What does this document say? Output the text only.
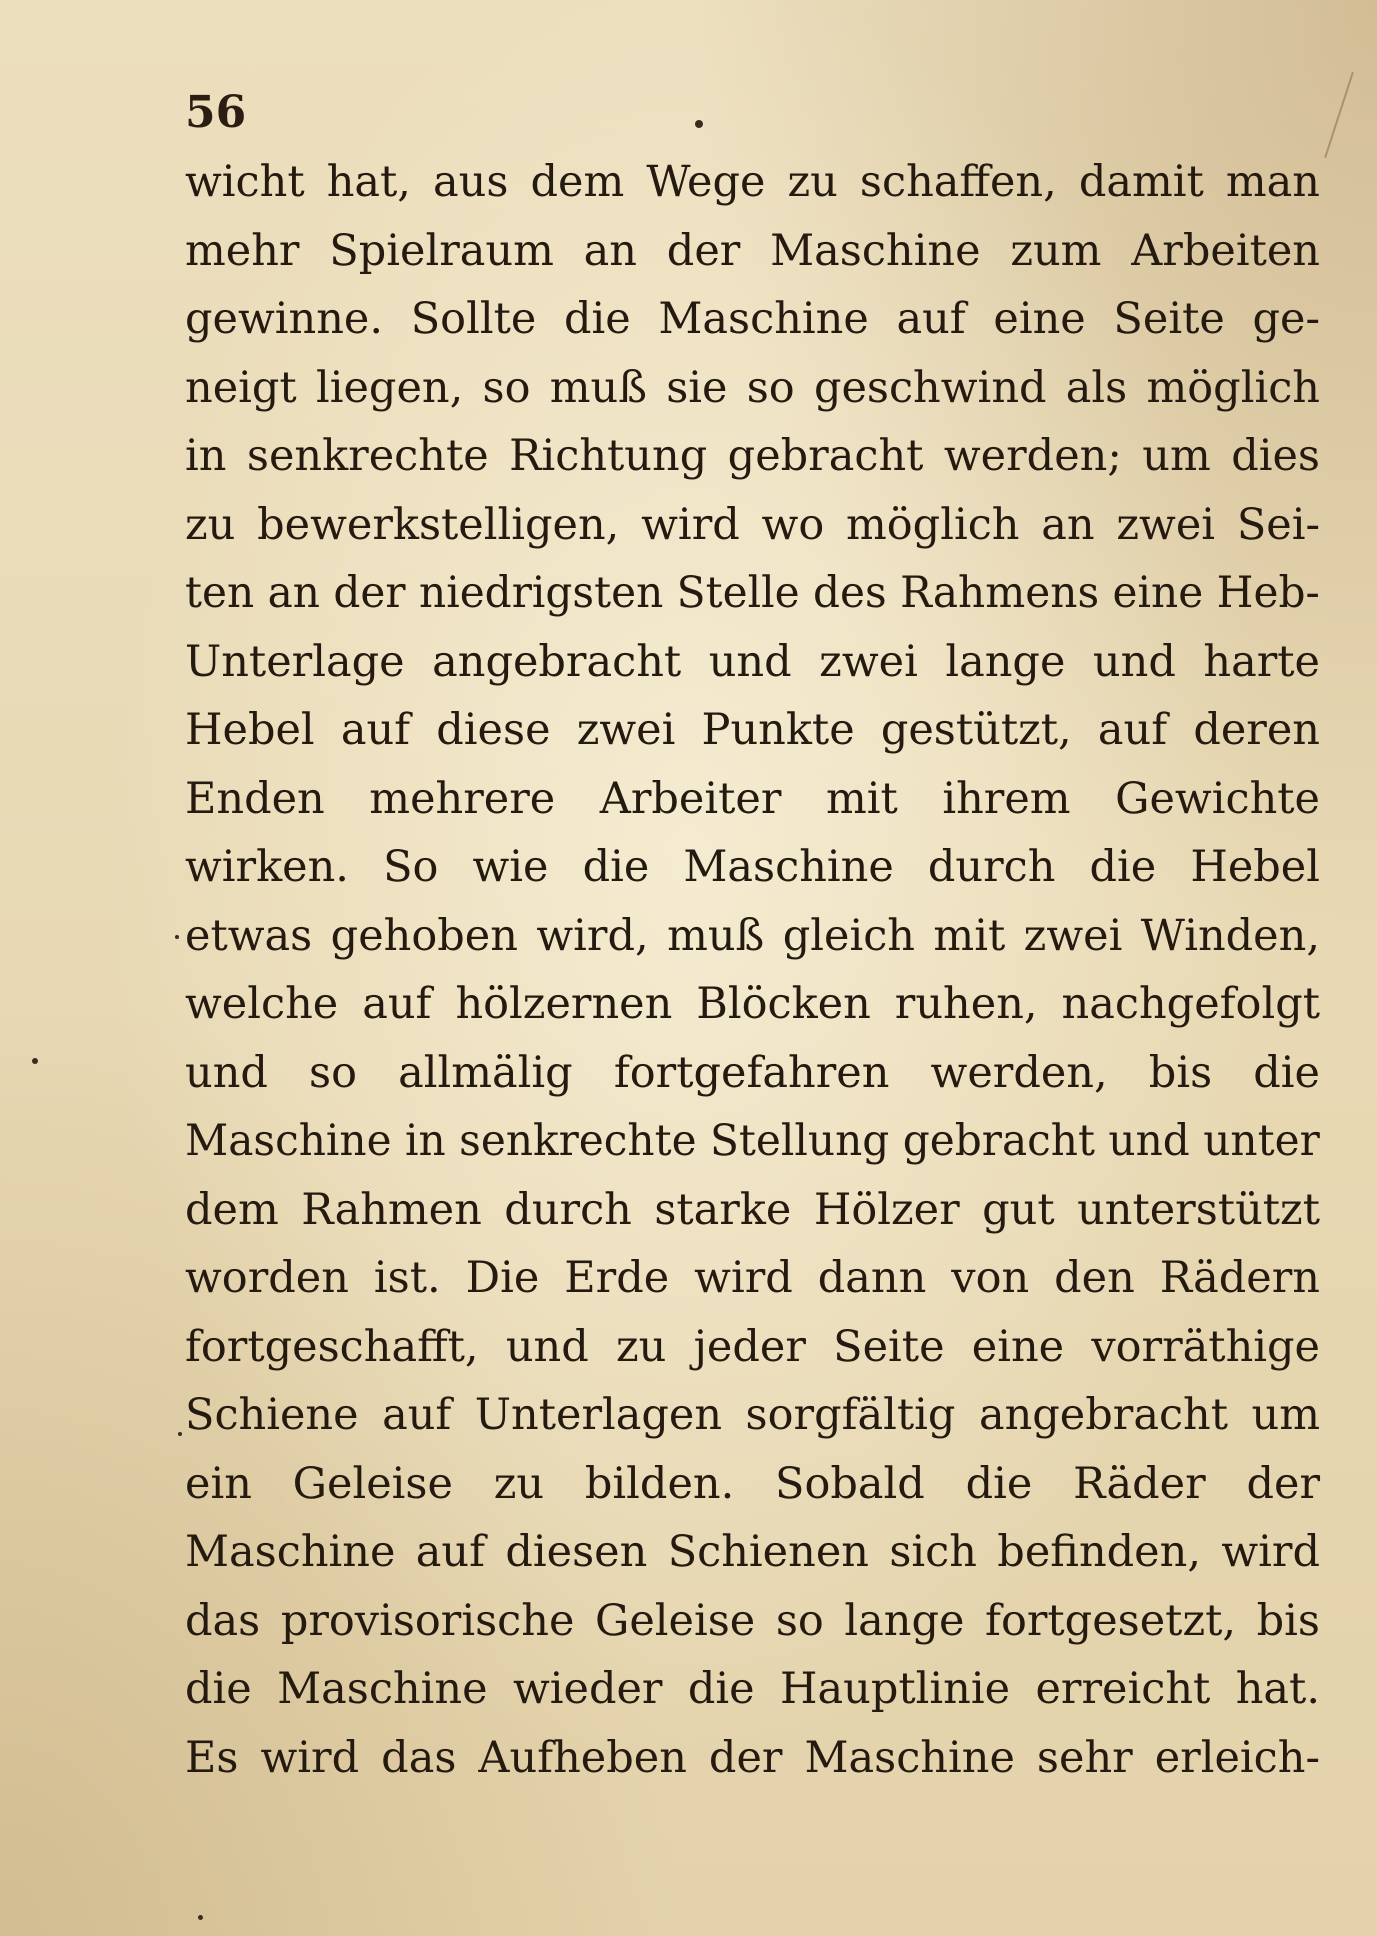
56
wicht hat, aus dem Wege zu schaffen, damit man
mehr Spielraum an der Maschine zum Arbeiten
gewinne. Sollte die Maschine auf eine Seite ge-
neigt liegen, so muß sie so geschwind als möglich
in senkrechte Richtung gebracht werden; um dies
zu bewerkstelligen, wird wo möglich an zwei Sei-
ten an der niedrigsten Stelle des Rahmens eine Heb-
Unterlage angebracht und zwei lange und harte
Hebel auf diese zwei Punkte gestützt, auf deren
Enden mehrere Arbeiter mit ihrem Gewichte
wirken. So wie die Maschine durch die Hebel
etwas gehoben wird, muß gleich mit zwei Winden,
welche auf hölzernen Blöcken ruhen, nachgefolgt
und so allmälig fortgefahren werden, bis die
Maschine in senkrechte Stellung gebracht und unter
dem Rahmen durch starke Hölzer gut unterstützt
worden ist. Die Erde wird dann von den Rädern
fortgeschafft, und zu jeder Seite eine vorräthige
Schiene auf Unterlagen sorgfältig angebracht um
ein Geleise zu bilden. Sobald die Räder der
Maschine auf diesen Schienen sich befinden, wird
das provisorische Geleise so lange fortgesetzt, bis
die Maschine wieder die Hauptlinie erreicht hat.
Es wird das Aufheben der Maschine sehr erleich-
